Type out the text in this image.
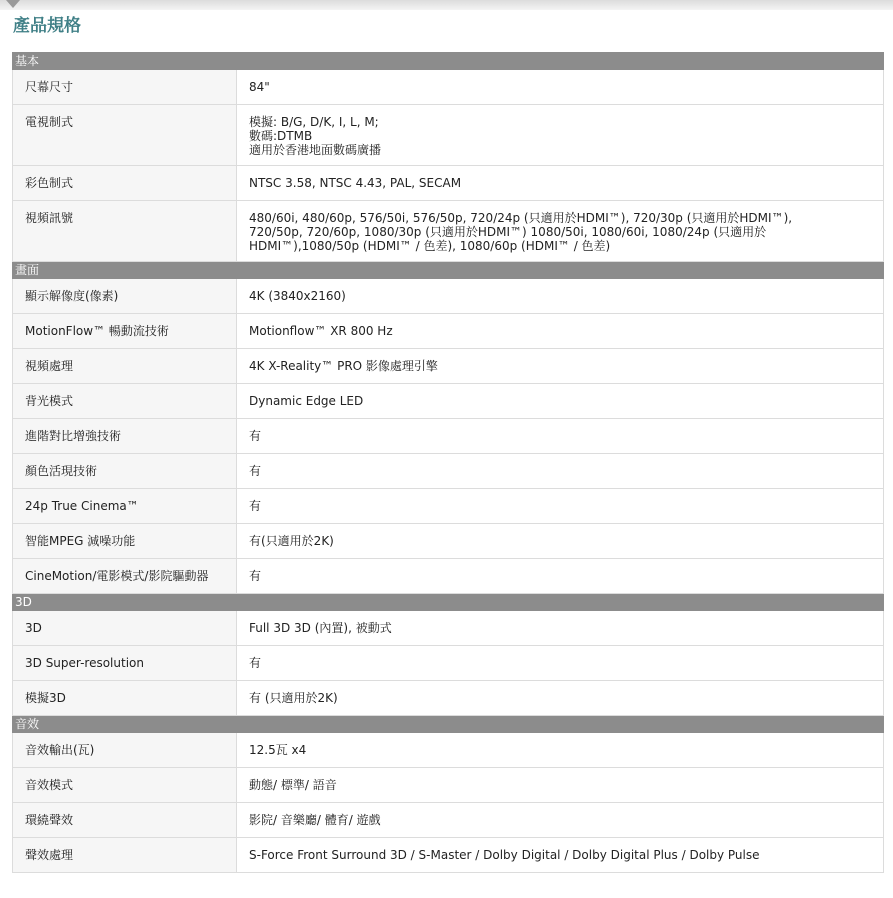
產品規格
基本	
尺幕尺寸	84"
電視制式	模擬: B/G, D/K, I, L, M;
數碼:DTMB
適用於香港地面數碼廣播
彩色制式	NTSC 3.58, NTSC 4.43, PAL, SECAM
視頻訊號	480/60i, 480/60p, 576/50i, 576/50p, 720/24p (只適用於HDMI™), 720/30p (只適用於HDMI™),
720/50p, 720/60p, 1080/30p (只適用於HDMI™) 1080/50i, 1080/60i, 1080/24p (只適用於
HDMI™),1080/50p (HDMI™ / 色差), 1080/60p (HDMI™ / 色差)
畫面	
顯示解像度(像素)	4K (3840x2160)
MotionFlow™ 暢動流技術	Motionflow™ XR 800 Hz
視頻處理	4K X-Reality™ PRO 影像處理引擎
背光模式	Dynamic Edge LED
進階對比增強技術	有
顏色活現技術	有
24p True Cinema™	有
智能MPEG 減噪功能	有(只適用於2K)
CineMotion/電影模式/影院驅動器	有
3D	
3D	Full 3D 3D (內置), 被動式
3D Super-resolution	有
模擬3D	有 (只適用於2K)
音效	
音效輸出(瓦)	12.5瓦 x4
音效模式	動態/ 標準/ 語音
環繞聲效	影院/ 音樂廳/ 體育/ 遊戲
聲效處理	S-Force Front Surround 3D / S-Master / Dolby Digital / Dolby Digital Plus / Dolby Pulse
